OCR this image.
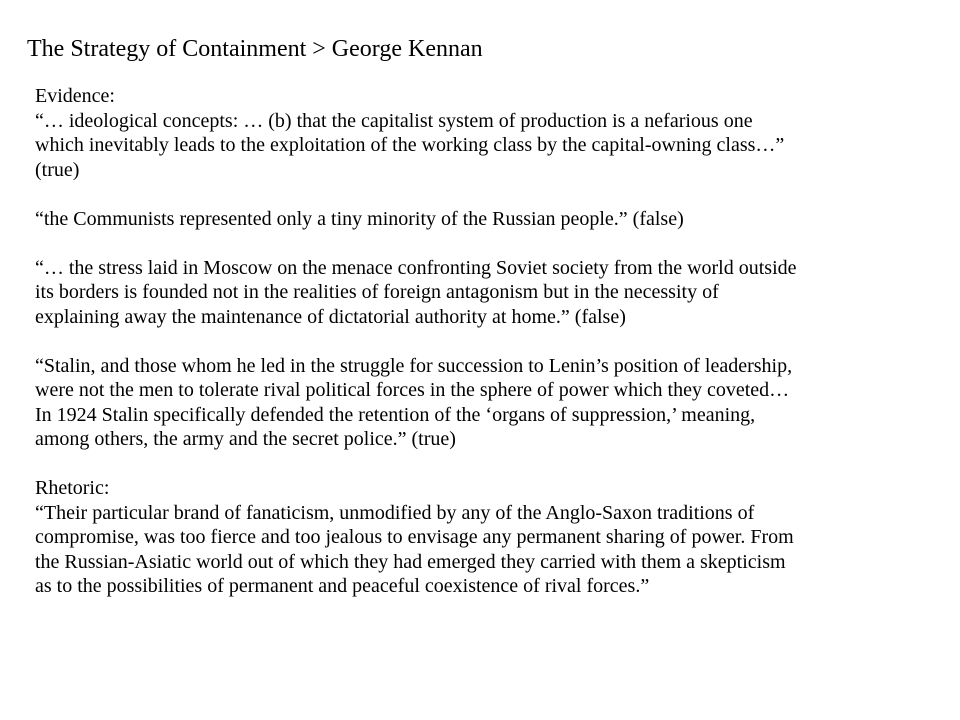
The Strategy of Containment > George Kennan

Evidence:

“… ideological concepts: … (b) that the capitalist system of production is a nefarious one
which inevitably leads to the exploitation of the working class by the capital-owning class…”
(true)

“the Communists represented only a tiny minority of the Russian people.” (false)

“… the stress laid in Moscow on the menace confronting Soviet society from the world outside
its borders is founded not in the realities of foreign antagonism but in the necessity of
explaining away the maintenance of dictatorial authority at home.” (false)

“Stalin, and those whom he led in the struggle for succession to Lenin’s position of leadership,
were not the men to tolerate rival political forces in the sphere of power which they coveted…
In 1924 Stalin specifically defended the retention of the ‘organs of suppression,’ meaning,
among others, the army and the secret police.” (true)

Rhetoric:

“Their particular brand of fanaticism, unmodified by any of the Anglo-Saxon traditions of
compromise, was too fierce and too jealous to envisage any permanent sharing of power. From
the Russian-Asiatic world out of which they had emerged they carried with them a skepticism
as to the possibilities of permanent and peaceful coexistence of rival forces.”
